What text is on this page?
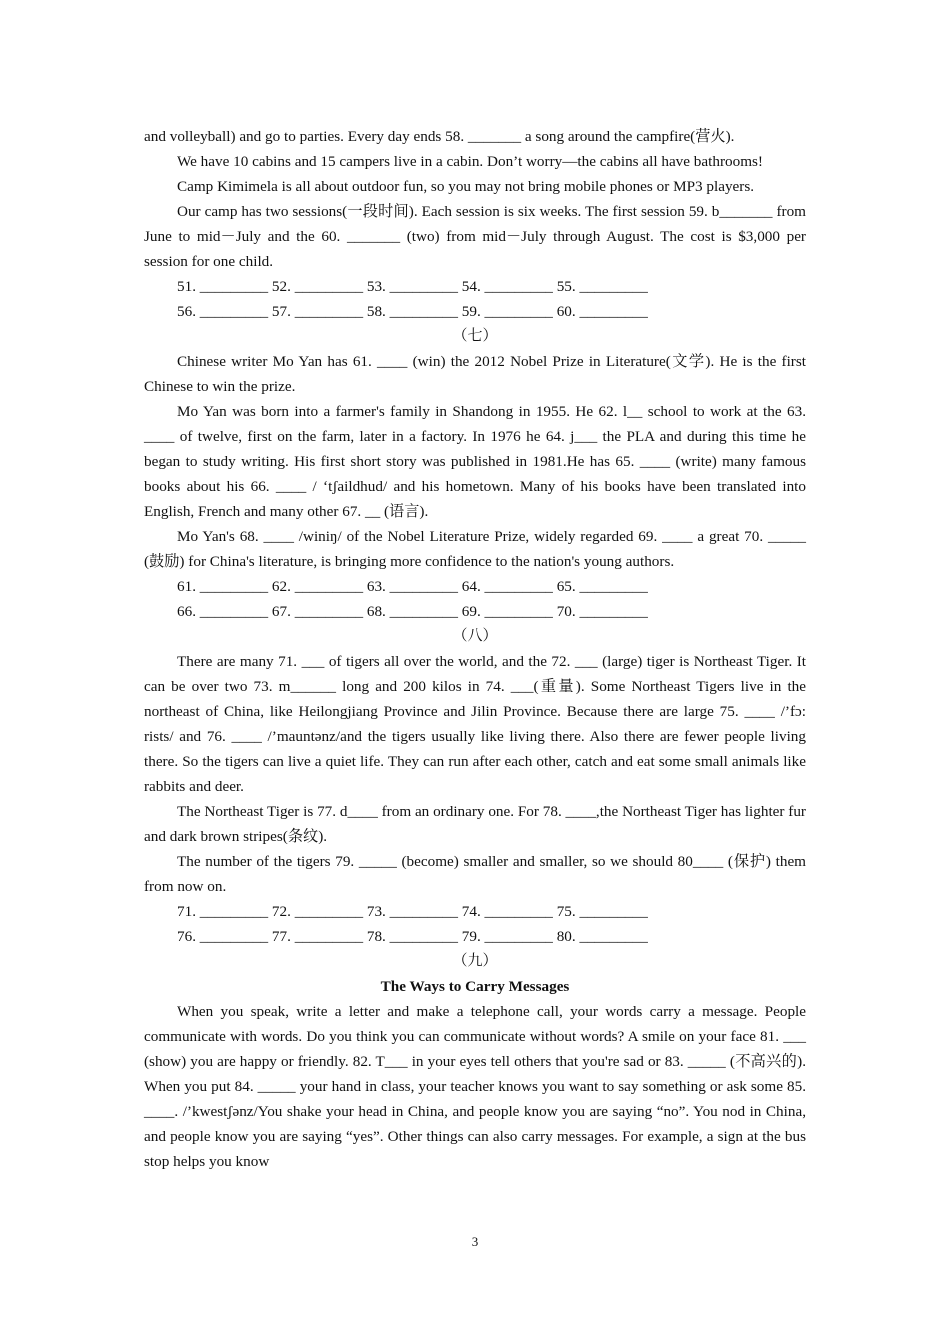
and volleyball) and go to parties. Every day ends 58. _______ a song around the campfire(营火).

We have 10 cabins and 15 campers live in a cabin. Don’t worry—the cabins all have bathrooms!

Camp Kimimela is all about outdoor fun, so you may not bring mobile phones or MP3 players.

Our camp has two sessions(一段时间). Each session is six weeks. The first session 59. b_______ from June to mid－July and the 60. _______ (two) from mid－July through August. The cost is $3,000 per session for one child.

51. _________ 52. _________ 53. _________ 54. _________ 55. _________
56. _________ 57. _________ 58. _________ 59. _________ 60. _________
（七）

Chinese writer Mo Yan has 61. ____ (win) the 2012 Nobel Prize in Literature(文学). He is the first Chinese to win the prize.

Mo Yan was born into a farmer's family in Shandong in 1955. He 62. l__ school to work at the 63. ____ of twelve, first on the farm, later in a factory. In 1976 he 64. j___ the PLA and during this time he began to study writing. His first short story was published in 1981.He has 65. ____ (write) many famous books about his 66. ____ / ‘tʃaildhud/ and his hometown. Many of his books have been translated into English, French and many other 67. __ (语言).

Mo Yan's 68. ____ /winiŋ/ of the Nobel Literature Prize, widely regarded 69. ____ a great 70. _____ (鼓励) for China's literature, is bringing more confidence to the nation's young authors.

61. _________ 62. _________ 63. _________ 64. _________ 65. _________
66. _________ 67. _________ 68. _________ 69. _________ 70. _________
（八）

There are many 71. ___ of tigers all over the world, and the 72. ___ (large) tiger is Northeast Tiger. It can be over two 73. m______ long and 200 kilos in 74. ___(重量). Some Northeast Tigers live in the northeast of China, like Heilongjiang Province and Jilin Province. Because there are large 75. ____ /’fɔ: rists/ and 76. ____ /’mauntənz/and the tigers usually like living there. Also there are fewer people living there. So the tigers can live a quiet life. They can run after each other, catch and eat some small animals like rabbits and deer.

The Northeast Tiger is 77. d____ from an ordinary one. For 78. ____,the Northeast Tiger has lighter fur and dark brown stripes(条纹).

The number of the tigers 79. _____ (become) smaller and smaller, so we should 80____ (保护) them from now on.

71. _________ 72. _________ 73. _________ 74. _________ 75. _________
76. _________ 77. _________ 78. _________ 79. _________ 80. _________
（九）
The Ways to Carry Messages

When you speak, write a letter and make a telephone call, your words carry a message. People communicate with words. Do you think you can communicate without words? A smile on your face 81. ___ (show) you are happy or friendly. 82. T___ in your eyes tell others that you're sad or 83. _____ (不高兴的). When you put 84. _____ your hand in class, your teacher knows you want to say something or ask some 85. ____. /’kwestʃənz/You shake your head in China, and people know you are saying “no”. You nod in China, and people know you are saying “yes”. Other things can also carry messages. For example, a sign at the bus stop helps you know

3
